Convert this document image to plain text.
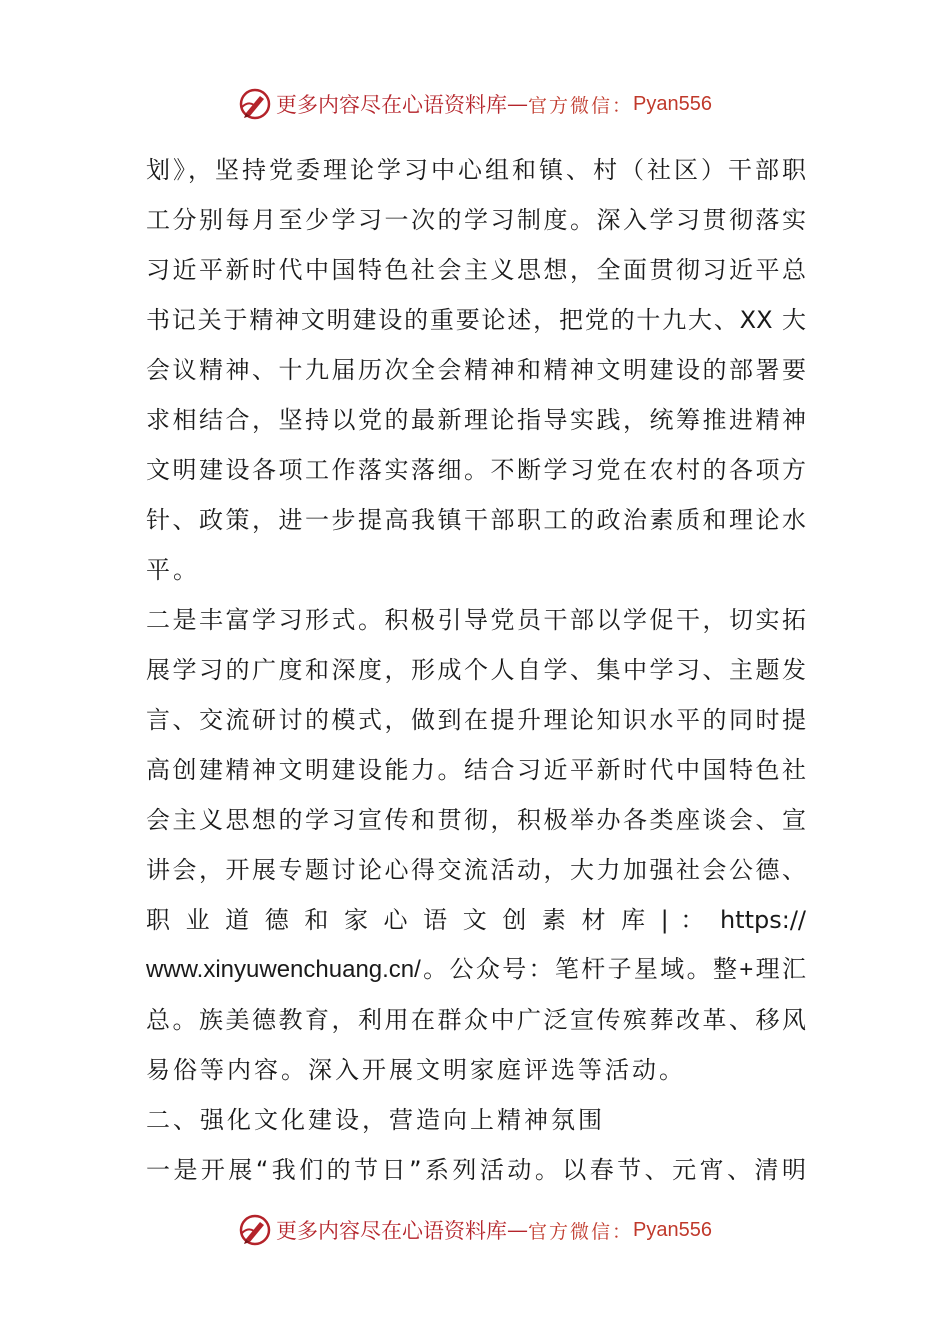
更多内容尽在心语资料库 — 官方微信： Pyan556
划》，坚持党委理论学习中心组和镇、村（社区）干部职
工分别每月至少学习一次的学习制度。深入学习贯彻落实
习近平新时代中国特色社会主义思想，全面贯彻习近平总
书记关于精神文明建设的重要论述，把党的十九大、XX 大
会议精神、十九届历次全会精神和精神文明建设的部署要
求相结合，坚持以党的最新理论指导实践，统筹推进精神
文明建设各项工作落实落细。不断学习党在农村的各项方
针、政策，进一步提高我镇干部职工的政治素质和理论水
平。
二是丰富学习形式。积极引导党员干部以学促干，切实拓
展学习的广度和深度，形成个人自学、集中学习、主题发
言、交流研讨的模式，做到在提升理论知识水平的同时提
高创建精神文明建设能力。结合习近平新时代中国特色社
会主义思想的学习宣传和贯彻，积极举办各类座谈会、宣
讲会，开展专题讨论心得交流活动，大力加强社会公德、
职 业 道 德 和 家 心 语 文 创 素 材 库 | ： https://
www.xinyuwenchuang.cn/。公众号：笔杆子星域。整+理汇
总。族美德教育，利用在群众中广泛宣传殡葬改革、移风
易俗等内容。深入开展文明家庭评选等活动。
二、强化文化建设，营造向上精神氛围
一是开展“我们的节日”系列活动。以春节、元宵、清明
更多内容尽在心语资料库 — 官方微信： Pyan556
